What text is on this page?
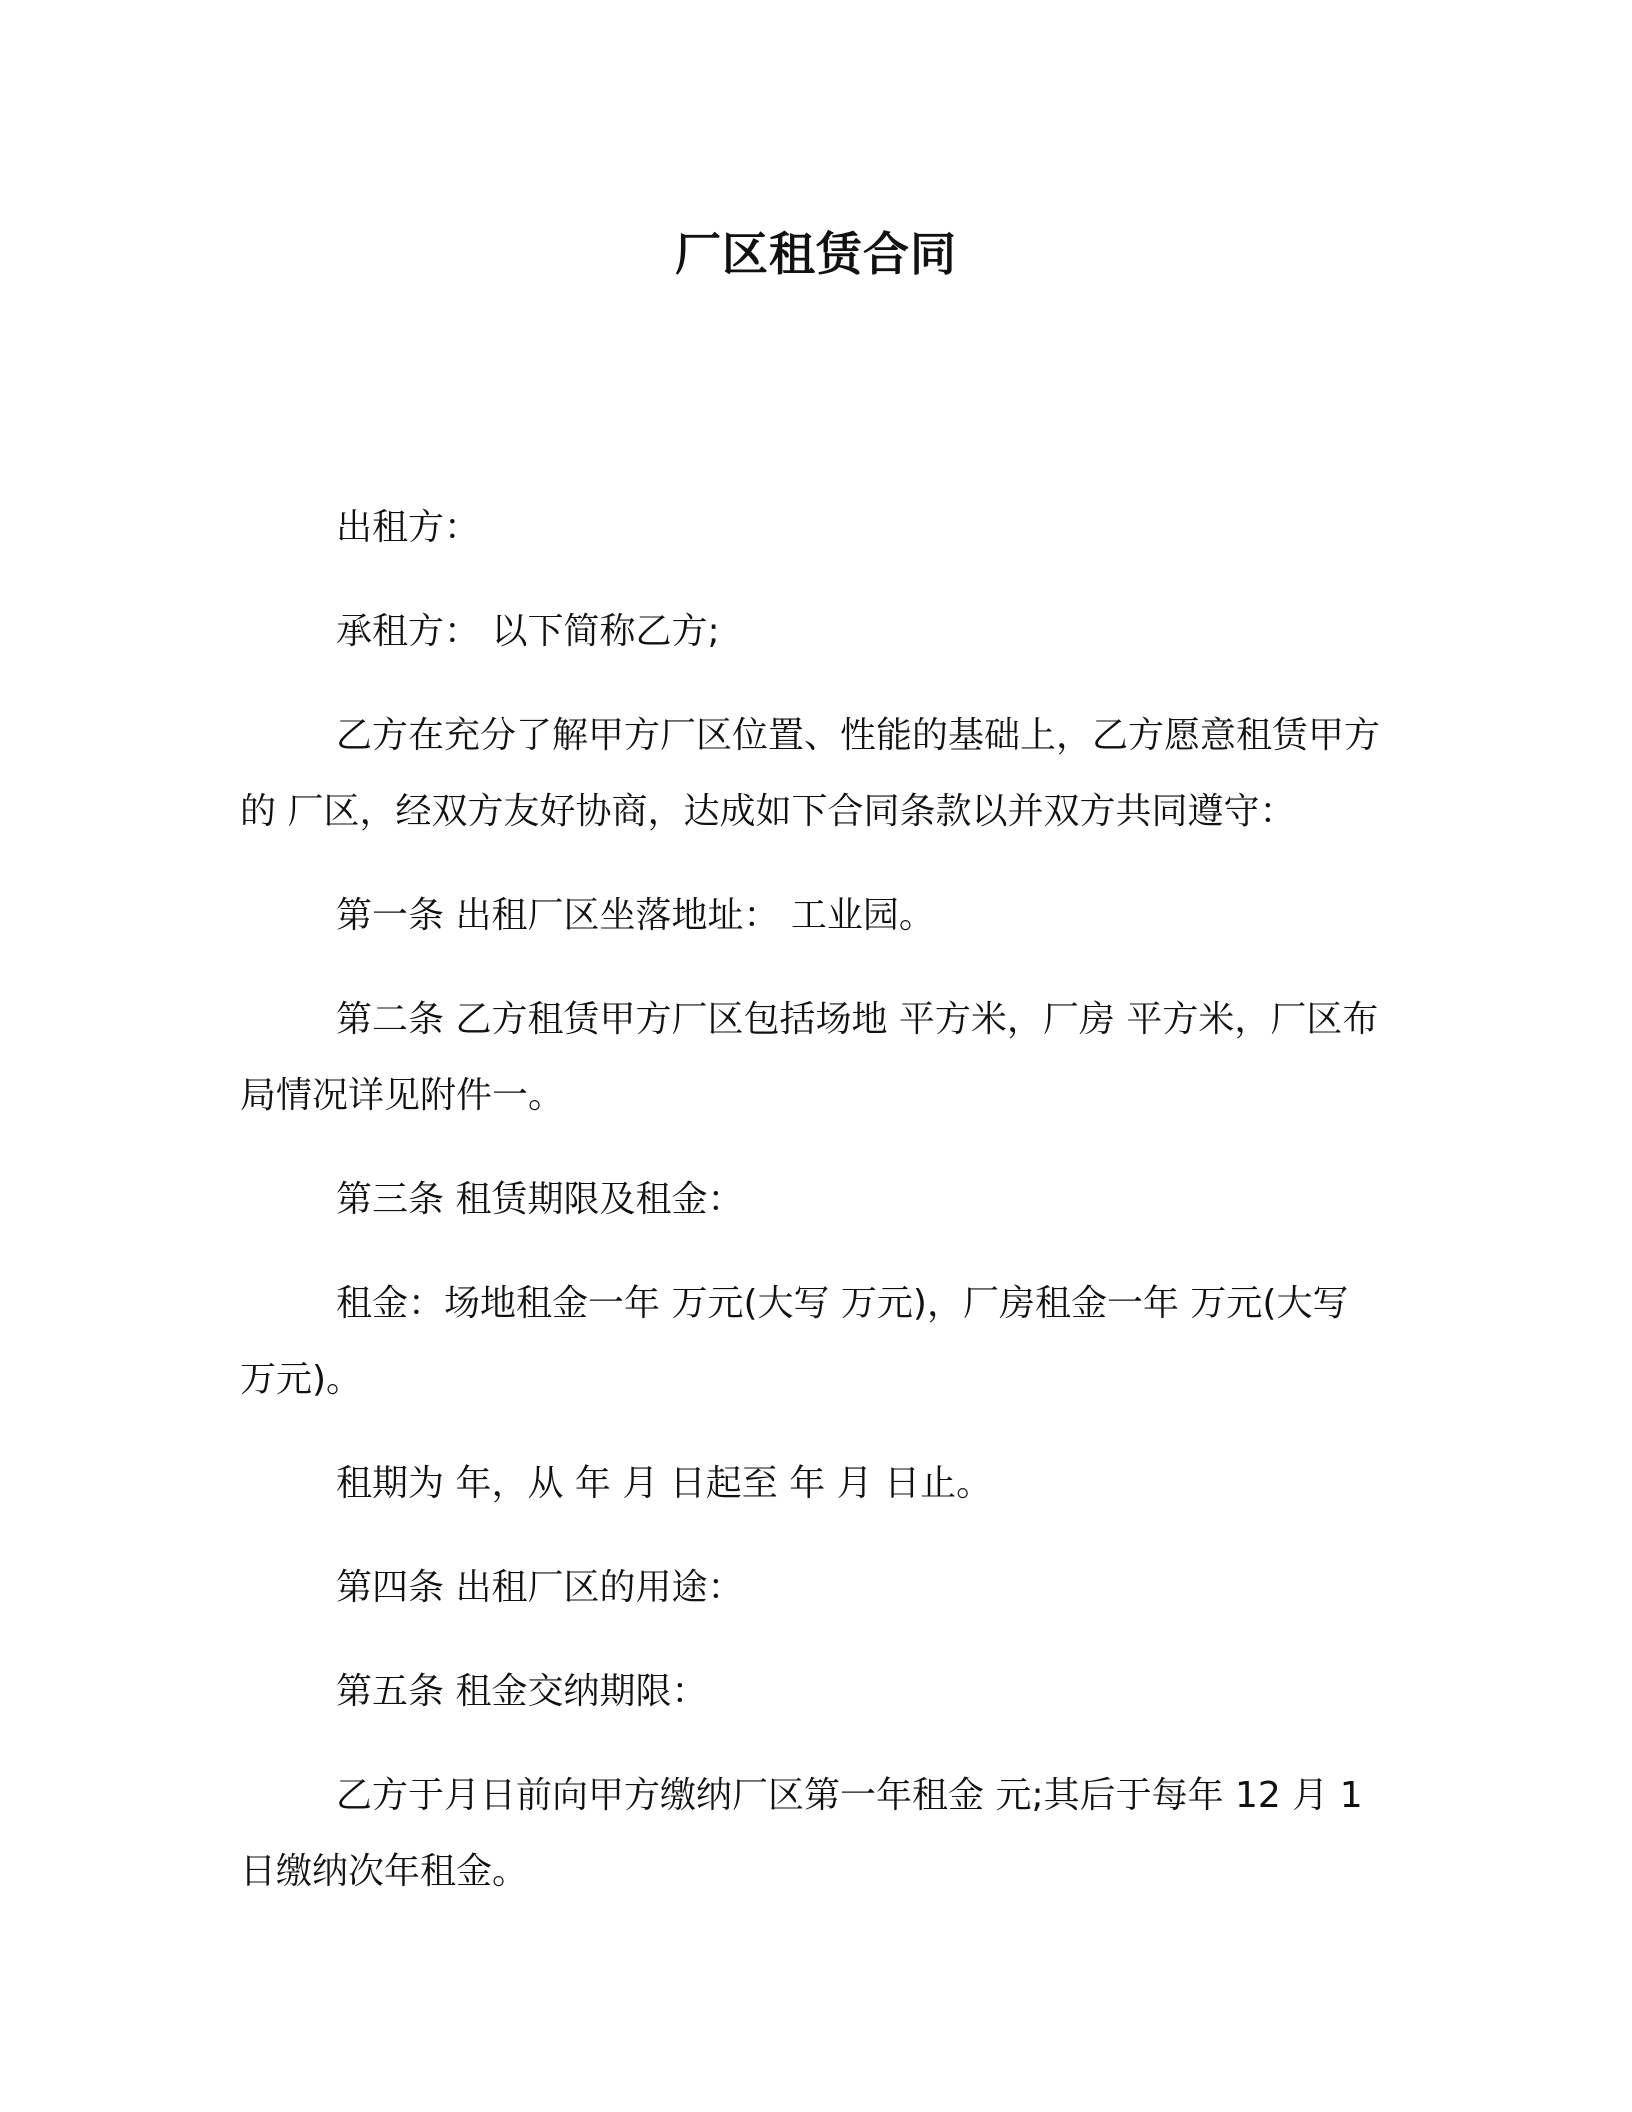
厂区租赁合同

出租方：

承租方： 以下简称乙方;

乙方在充分了解甲方厂区位置、性能的基础上，乙方愿意租赁甲方的 厂区，经双方友好协商，达成如下合同条款以并双方共同遵守：

第一条 出租厂区坐落地址： 工业园。

第二条 乙方租赁甲方厂区包括场地 平方米，厂房 平方米，厂区布局情况详见附件一。

第三条 租赁期限及租金：

租金：场地租金一年 万元(大写 万元)，厂房租金一年 万元(大写 万元)。

租期为 年，从 年 月 日起至 年 月 日止。

第四条 出租厂区的用途：

第五条 租金交纳期限：

乙方于月日前向甲方缴纳厂区第一年租金 元;其后于每年 12 月 1 日缴纳次年租金。
